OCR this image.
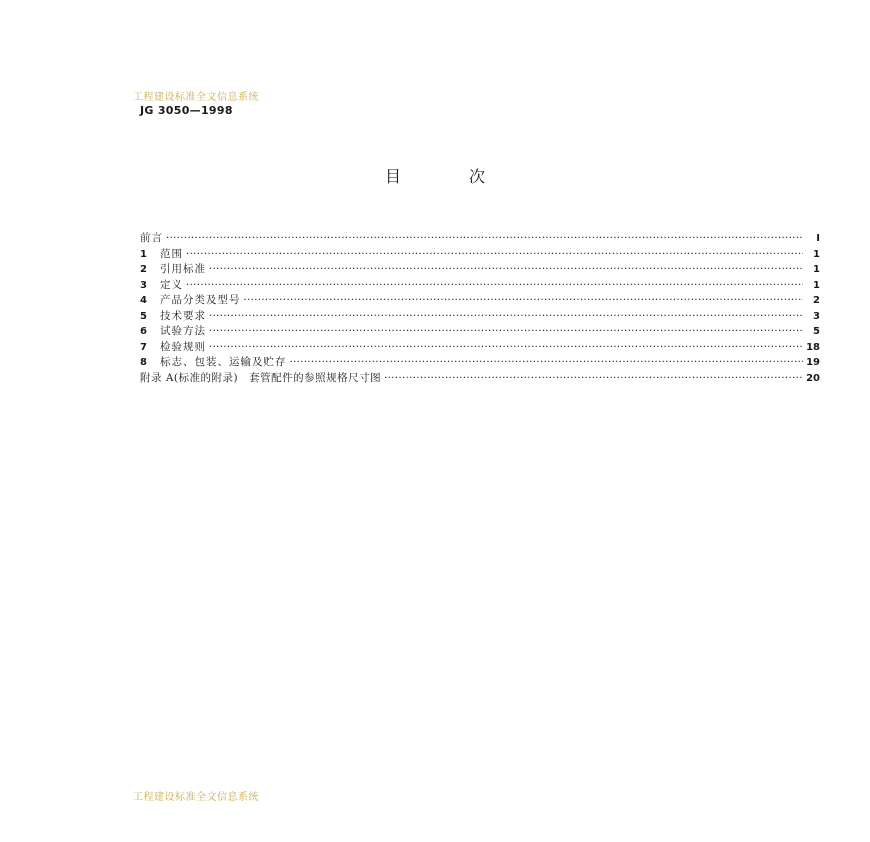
工程建设标准全文信息系统
JG 3050—1998
目	次
前言 ·····	I
1	范围 ·····	1
2	引用标准 ·····	1
3	定义 ·····	1
4	产品分类及型号 ·····	2
5	技术要求 ·····	3
6	试验方法 ·····	5
7	检验规则 ·····	18
8	标志、包装、运输及贮存 ·····	19
附录 A(标准的附录)　套管配件的参照规格尺寸图 ·····	20
工程建设标准全文信息系统
